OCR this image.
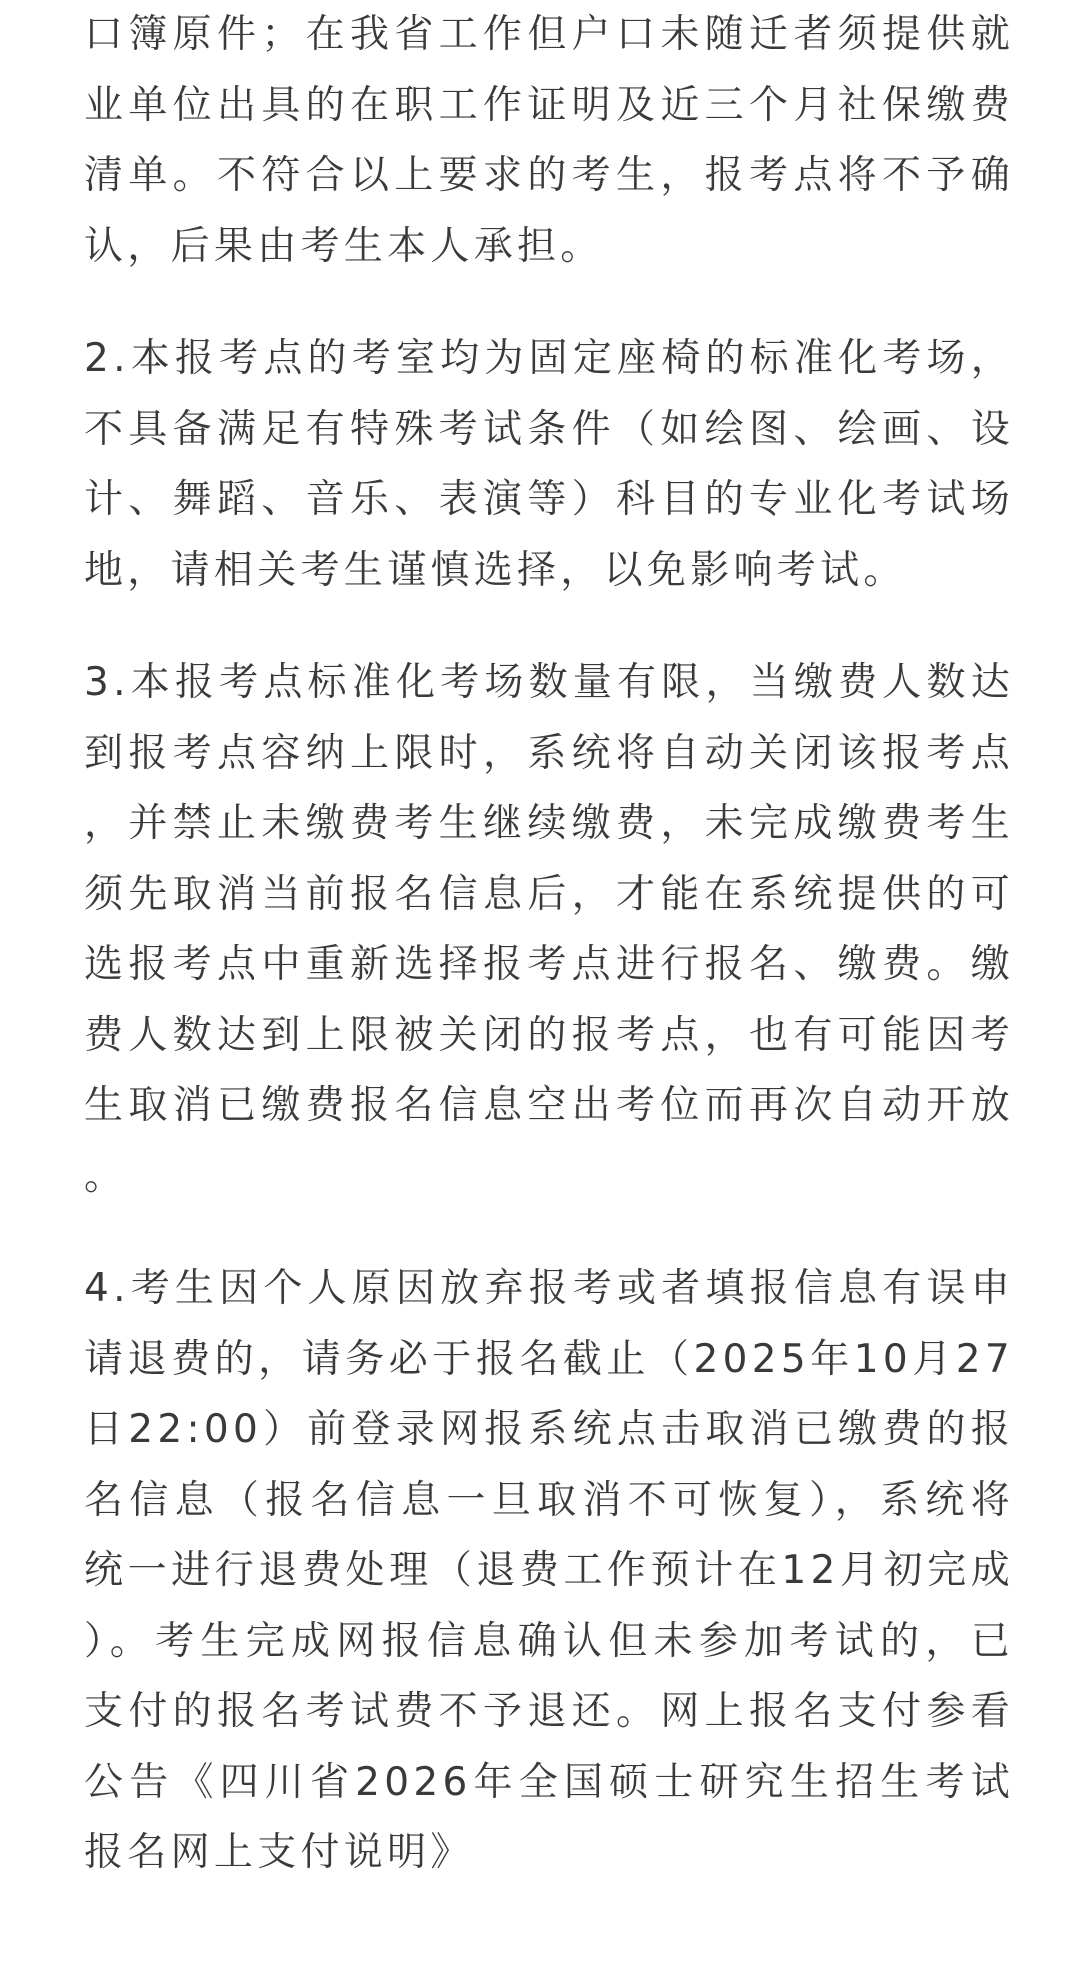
口簿原件；在我省工作但户口未随迁者须提供就业单位出具的在职工作证明及近三个月社保缴费清单。不符合以上要求的考生，报考点将不予确认，后果由考生本人承担。

2.本报考点的考室均为固定座椅的标准化考场，不具备满足有特殊考试条件（如绘图、绘画、设计、舞蹈、音乐、表演等）科目的专业化考试场地，请相关考生谨慎选择，以免影响考试。

3.本报考点标准化考场数量有限，当缴费人数达到报考点容纳上限时，系统将自动关闭该报考点，并禁止未缴费考生继续缴费，未完成缴费考生须先取消当前报名信息后，才能在系统提供的可选报考点中重新选择报考点进行报名、缴费。缴费人数达到上限被关闭的报考点，也有可能因考生取消已缴费报名信息空出考位而再次自动开放。

4.考生因个人原因放弃报考或者填报信息有误申请退费的，请务必于报名截止（2025年10月27日22:00）前登录网报系统点击取消已缴费的报名信息（报名信息一旦取消不可恢复），系统将统一进行退费处理（退费工作预计在12月初完成）。考生完成网报信息确认但未参加考试的，已支付的报名考试费不予退还。网上报名支付参看公告《四川省2026年全国硕士研究生招生考试报名网上支付说明》
